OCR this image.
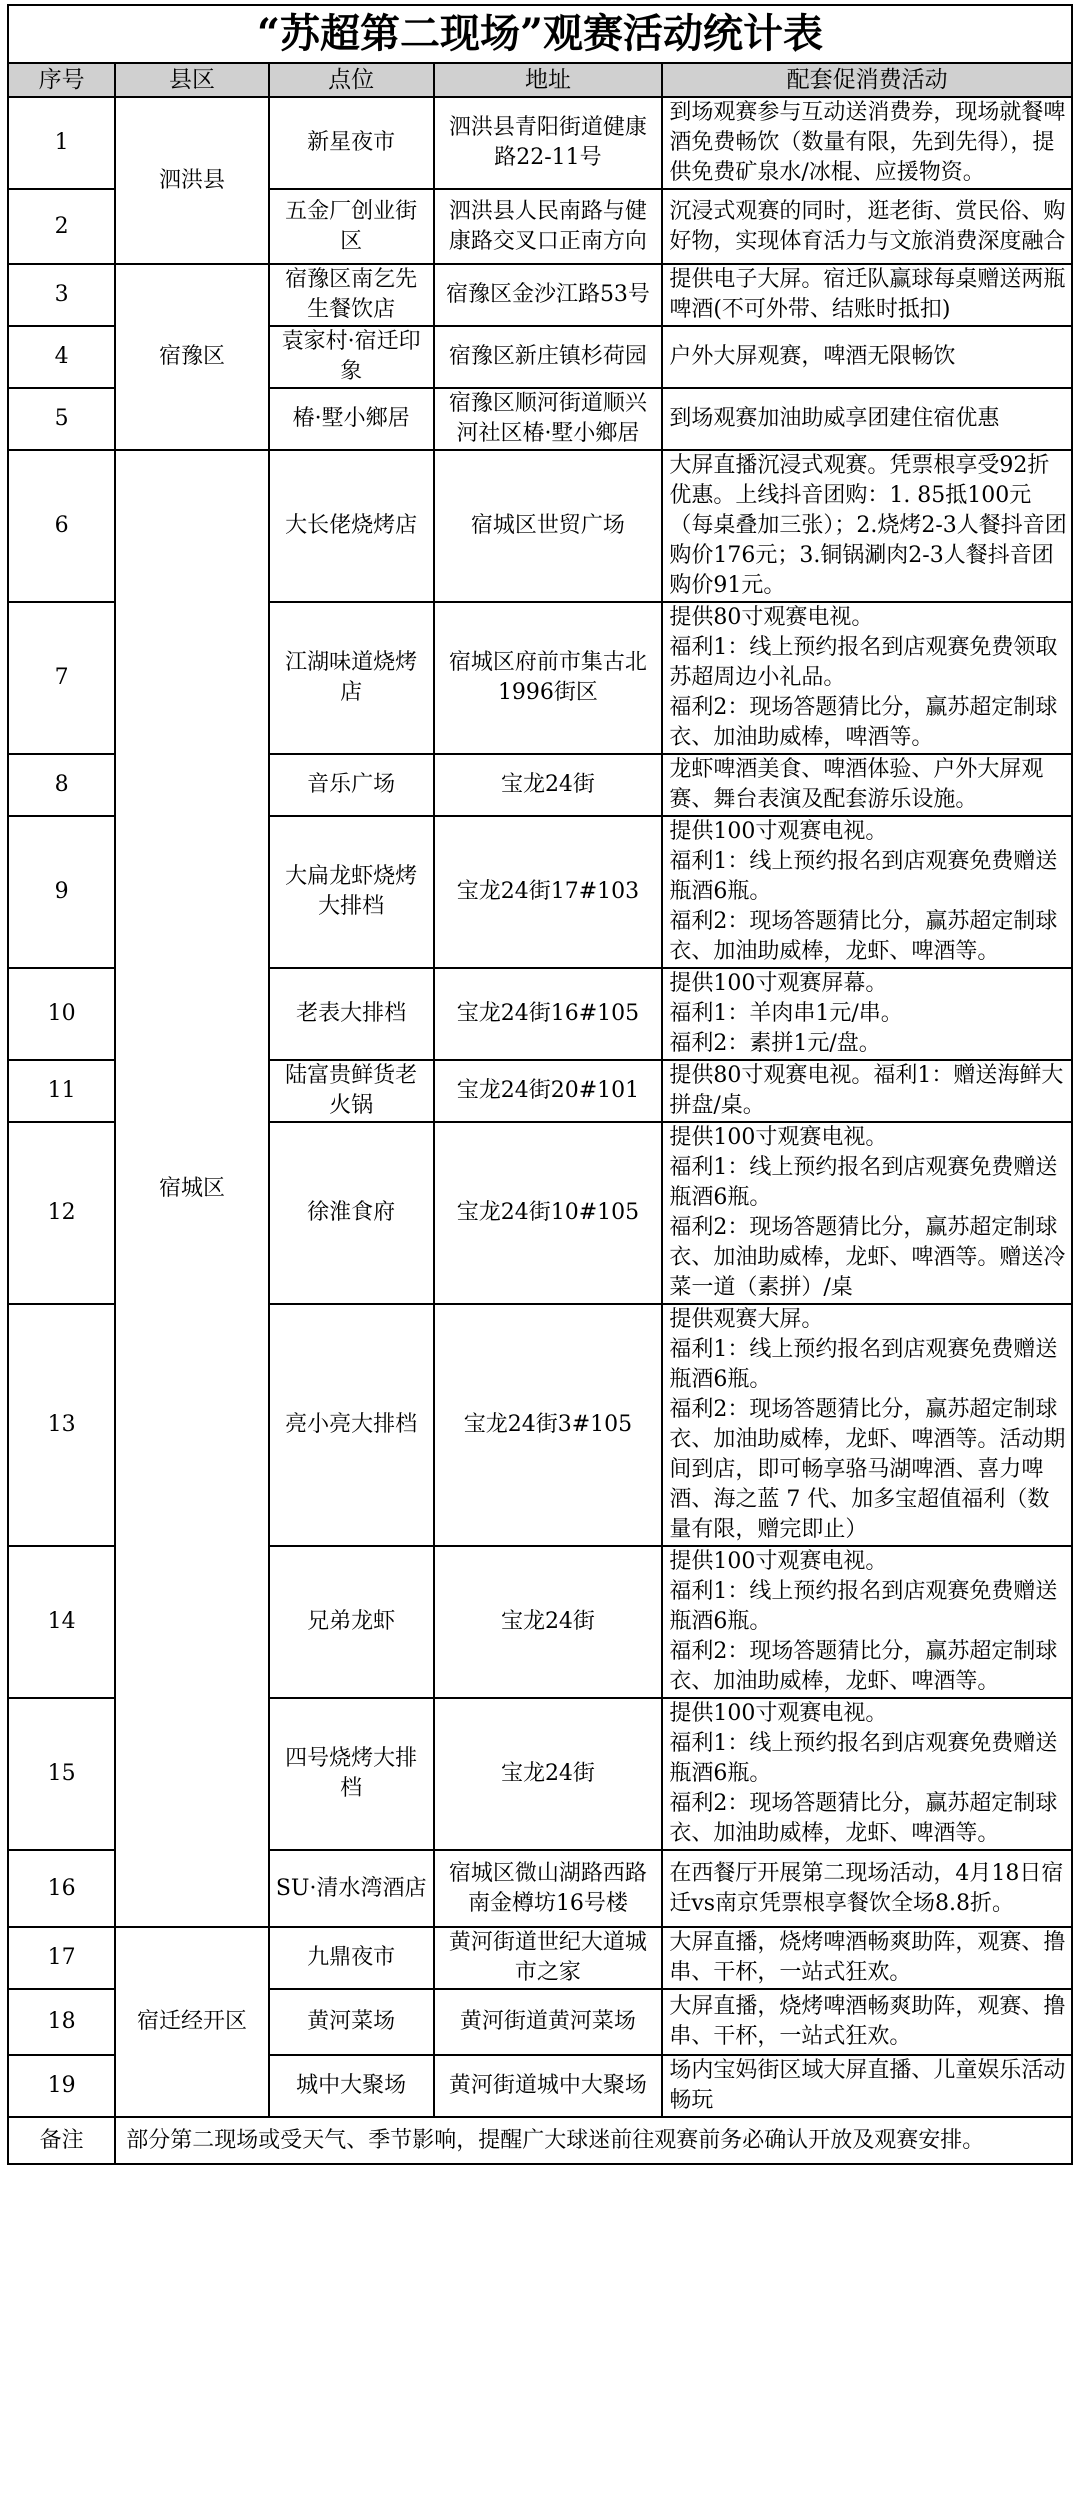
“苏超第二现场”观赛活动统计表				
序号	县区	点位	地址	配套促消费活动
1	泗洪县	新星夜市	泗洪县青阳街道健康路22-11号	到场观赛参与互动送消费券，现场就餐啤酒免费畅饮（数量有限，先到先得），提供免费矿泉水/冰棍、应援物资。
2		五金厂创业街区	泗洪县人民南路与健康路交叉口正南方向	沉浸式观赛的同时，逛老街、赏民俗、购好物，实现体育活力与文旅消费深度融合
3	宿豫区	宿豫区南乞先生餐饮店	宿豫区金沙江路53号	提供电子大屏。宿迁队赢球每桌赠送两瓶啤酒(不可外带、结账时抵扣)
4		袁家村·宿迁印象	宿豫区新庄镇杉荷园	户外大屏观赛，啤酒无限畅饮
5		椿·墅小鄉居	宿豫区顺河街道顺兴河社区椿·墅小鄉居	到场观赛加油助威享团建住宿优惠
6	宿城区	大长佬烧烤店	宿城区世贸广场	大屏直播沉浸式观赛。凭票根享受92折优惠。上线抖音团购：1. 85抵100元（每桌叠加三张）；2.烧烤2-3人餐抖音团购价176元；3.铜锅涮肉2-3人餐抖音团购价91元。
7		江湖味道烧烤店	宿城区府前市集古北1996街区	提供80寸观赛电视。
福利1：线上预约报名到店观赛免费领取苏超周边小礼品。
福利2：现场答题猜比分，赢苏超定制球衣、加油助威棒，啤酒等。
8		音乐广场	宝龙24街	龙虾啤酒美食、啤酒体验、户外大屏观赛、舞台表演及配套游乐设施。
9		大扁龙虾烧烤大排档	宝龙24街17#103	提供100寸观赛电视。
福利1：线上预约报名到店观赛免费赠送瓶酒6瓶。
福利2：现场答题猜比分，赢苏超定制球衣、加油助威棒，龙虾、啤酒等。
10		老表大排档	宝龙24街16#105	提供100寸观赛屏幕。
福利1：羊肉串1元/串。
福利2：素拼1元/盘。
11		陆富贵鲜货老火锅	宝龙24街20#101	提供80寸观赛电视。福利1：赠送海鲜大拼盘/桌。
12		徐淮食府	宝龙24街10#105	提供100寸观赛电视。
福利1：线上预约报名到店观赛免费赠送瓶酒6瓶。
福利2：现场答题猜比分，赢苏超定制球衣、加油助威棒，龙虾、啤酒等。赠送冷菜一道（素拼）/桌
13		亮小亮大排档	宝龙24街3#105	提供观赛大屏。
福利1：线上预约报名到店观赛免费赠送瓶酒6瓶。
福利2：现场答题猜比分，赢苏超定制球衣、加油助威棒，龙虾、啤酒等。活动期间到店，即可畅享骆马湖啤酒、喜力啤酒、海之蓝 7 代、加多宝超值福利（数量有限，赠完即止）
14		兄弟龙虾	宝龙24街	提供100寸观赛电视。
福利1：线上预约报名到店观赛免费赠送瓶酒6瓶。
福利2：现场答题猜比分，赢苏超定制球衣、加油助威棒，龙虾、啤酒等。
15		四号烧烤大排档	宝龙24街	提供100寸观赛电视。
福利1：线上预约报名到店观赛免费赠送瓶酒6瓶。
福利2：现场答题猜比分，赢苏超定制球衣、加油助威棒，龙虾、啤酒等。
16		SU·清水湾酒店	宿城区微山湖路西路南金樽坊16号楼	在西餐厅开展第二现场活动，4月18日宿迁vs南京凭票根享餐饮全场8.8折。
17	宿迁经开区	九鼎夜市	黄河街道世纪大道城市之家	大屏直播，烧烤啤酒畅爽助阵，观赛、撸串、干杯，一站式狂欢。
18		黄河菜场	黄河街道黄河菜场	大屏直播，烧烤啤酒畅爽助阵，观赛、撸串、干杯，一站式狂欢。
19		城中大聚场	黄河街道城中大聚场	场内宝妈街区域大屏直播、儿童娱乐活动畅玩
备注	部分第二现场或受天气、季节影响，提醒广大球迷前往观赛前务必确认开放及观赛安排。			
